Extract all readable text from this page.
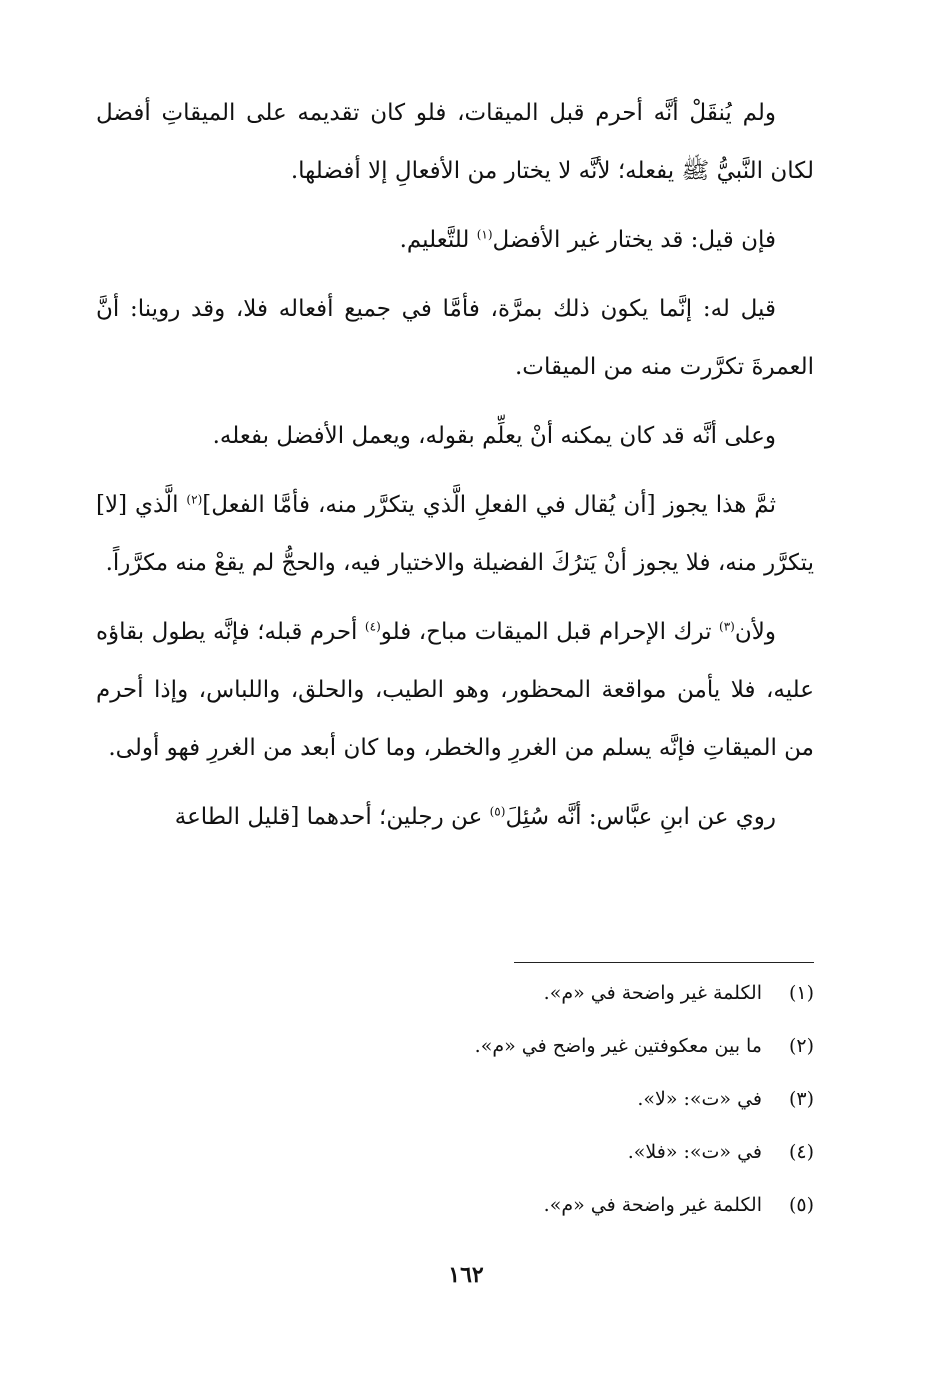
ولم يُنقَلْ أنَّه أحرم قبل الميقات، فلو كان تقديمه على الميقاتِ أفضل لكان النَّبيُّ ﷺ يفعله؛ لأنَّه لا يختار من الأفعالِ إلا أفضلها.

فإن قيل: قد يختار غير الأفضل$^{(١)}$ للتَّعليم.

قيل له: إنَّما يكون ذلك بمرَّة، فأمَّا في جميع أفعاله فلا، وقد روينا: أنَّ العمرةَ تكرَّرت منه من الميقات.

وعلى أنَّه قد كان يمكنه أنْ يعلِّم بقوله، ويعمل الأفضل بفعله.

ثمَّ هذا يجوز [أن يُقال في الفعلِ الَّذي يتكرَّر منه، فأمَّا الفعل]$^{(٢)}$ الَّذي [لا] يتكرَّر منه، فلا يجوز أنْ يَترُكَ الفضيلة والاختيار فيه، والحجُّ لم يقعْ منه مكرَّراً.

ولأن$^{(٣)}$ ترك الإحرام قبل الميقات مباح، فلو$^{(٤)}$ أحرم قبله؛ فإنَّه يطول بقاؤه عليه، فلا يأمن مواقعة المحظور، وهو الطيب، والحلق، واللباس، وإذا أحرم من الميقاتِ فإنَّه يسلم من الغررِ والخطر، وما كان أبعد من الغررِ فهو أولى.

روي عن ابنِ عبَّاس: أنَّه سُئِلَ$^{(٥)}$ عن رجلين؛ أحدهما [قليل الطاعة

(١)
الكلمة غير واضحة في «م».
(٢)
ما بين معكوفتين غير واضح في «م».
(٣)
في «ت»: «لا».
(٤)
في «ت»: «فلا».
(٥)
الكلمة غير واضحة في «م».
١٦٢
